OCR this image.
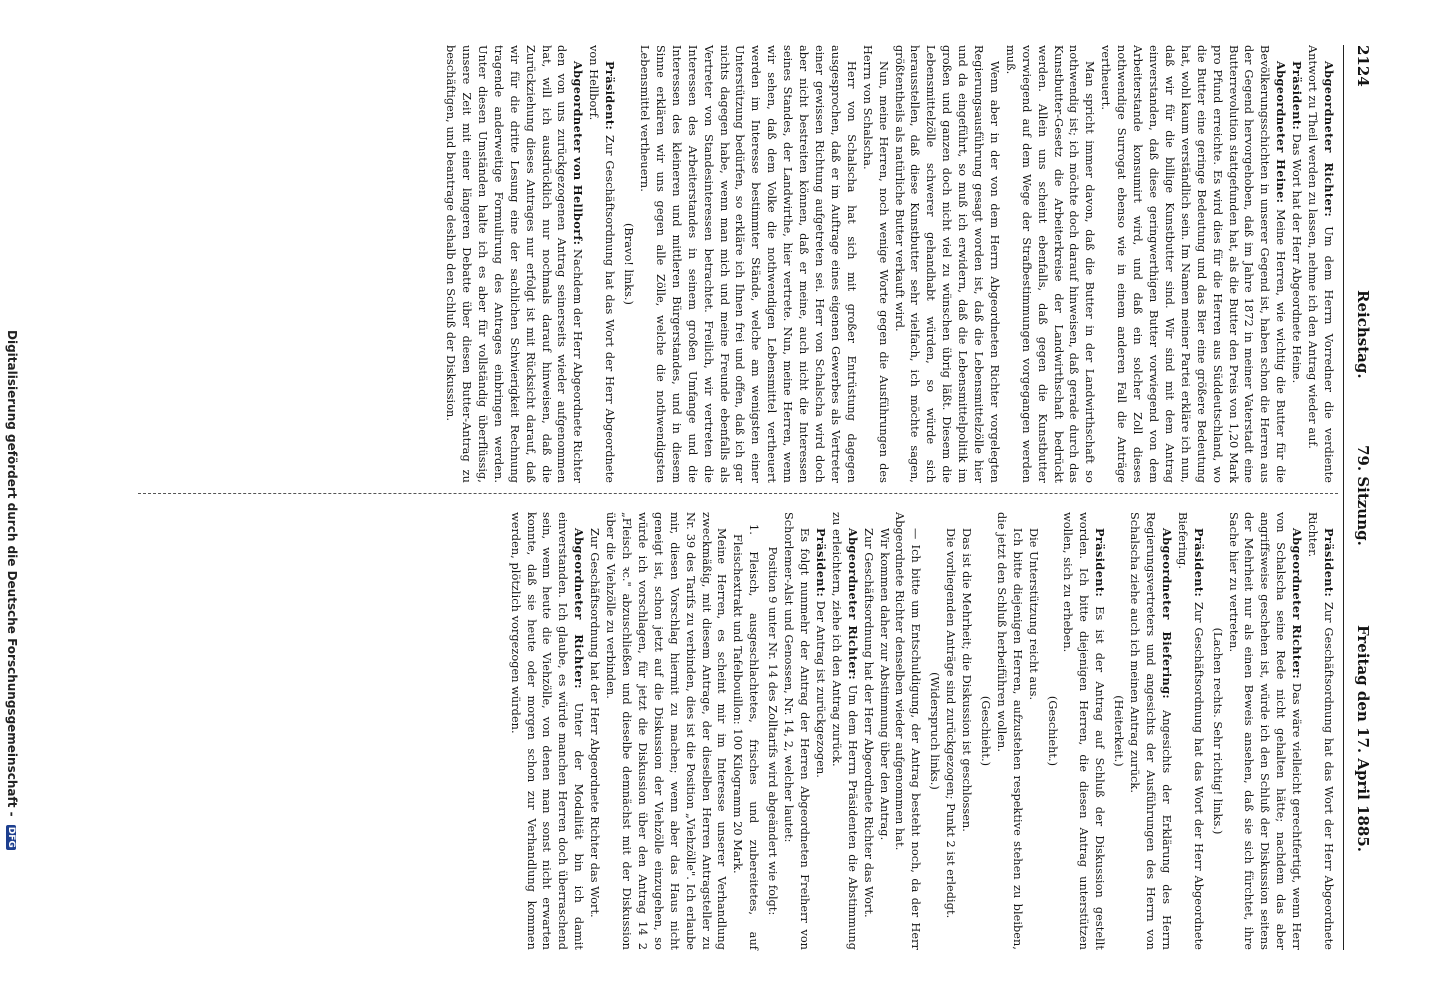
2124
Reichstag.
79. Sitzung.
Freitag den 17. April 1885.

Abgeordneter Richter: Um dem Herrn Vorredner die verdiente Antwort zu Theil werden zu lassen, nehme ich den Antrag wieder auf.

Präsident: Das Wort hat der Herr Abgeordnete Heine.

Abgeordneter Heine: Meine Herren, wie wichtig die Butter für die Bevölkerungsschichten in unserer Gegend ist, haben schon die Herren aus der Gegend hervorgehoben, daß im Jahre 1872 in meiner Vaterstadt eine Butterrevolution stattgefunden hat, als die Butter den Preis von 1,20 Mark pro Pfund erreichte. Es wird dies für die Herren aus Süddeutschland, wo die Butter eine geringe Bedeutung und das Bier eine größere Bedeutung hat, wohl kaum verständlich sein. Im Namen meiner Partei erkläre ich nun, daß wir für die billige Kunstbutter sind. Wir sind mit dem Antrag einverstanden, daß diese geringwerthigen Butter vorwiegend von dem Arbeiterstande konsumirt wird, und daß ein solcher Zoll dieses nothwendige Surrogat ebenso wie in einem anderen Fall die Anträge vertheuert.

Man spricht immer davon, daß die Butter in der Landwirthschaft so nothwendig ist; ich möchte doch darauf hinweisen, daß gerade durch das Kunstbutter-Gesetz die Arbeiterkreise der Landwirthschaft bedrückt werden. Allein uns scheint ebenfalls, daß gegen die Kunstbutter vorwiegend auf dem Wege der Strafbestimmungen vorgegangen werden muß.

Wenn aber in der von dem Herrn Abgeordneten Richter vorgelegten Regierungsausführung gesagt worden ist, daß die Lebensmittelzölle hier und da eingeführt, so muß ich erwidern, daß die Lebensmittelpolitik im großen und ganzen doch nicht viel zu wünschen übrig läßt. Diesem die Lebensmittelzölle schwerer gehandhabt würden, so würde sich herausstellen, daß diese Kunstbutter sehr vielfach, ich möchte sagen, größtentheils als natürliche Butter verkauft wird.

Nun, meine Herren, noch wenige Worte gegen die Ausführungen des Herrn von Schalscha.

Herr von Schalscha hat sich mit großer Entrüstung dagegen ausgesprochen, daß er im Auftrage eines eigenen Gewerbes als Vertreter einer gewissen Richtung aufgetreten sei. Herr von Schalscha wird doch aber nicht bestreiten können, daß er meine, auch nicht die Interessen seines Standes, der Landwirthe, hier vertrete. Nun, meine Herren, wenn wir sehen, daß dem Volke die nothwendigen Lebensmittel vertheuert werden im Interesse bestimmter Stände, welche am wenigsten einer Unterstützung bedürfen, so erkläre ich Ihnen frei und offen, daß ich gar nichts dagegen habe, wenn man mich und meine Freunde ebenfalls als Vertreter von Standesinteressen betrachtet. Freilich, wir vertreten die Interessen des Arbeiterstandes in seinem großen Umfange und die Interessen des kleineren und mittleren Bürgerstandes, und in diesem Sinne erklären wir uns gegen alle Zölle, welche die nothwendigsten Lebensmittel vertheuern.

(Bravo! links.)

Präsident: Zur Geschäftsordnung hat das Wort der Herr Abgeordnete von Hellborf.

Abgeordneter von Hellborf: Nachdem der Herr Abgeordnete Richter den von uns zurückgezogenen Antrag seinerseits wieder aufgenommen hat, will ich ausdrücklich nur nochmals darauf hinweisen, daß die Zurückziehung dieses Antrages nur erfolgt ist mit Rücksicht darauf, daß wir für die dritte Lesung eine der sachlichen Schwierigkeit Rechnung tragende anderweitige Formulirung des Antrages einbringen werden. Unter diesen Umständen halte ich es aber für vollständig überflüssig, unsere Zeit mit einer längeren Debatte über diesen Butter-Antrag zu beschäftigen, und beantrage deshalb den Schluß der Diskussion.

Präsident: Zur Geschäftsordnung hat das Wort der Herr Abgeordnete Richter.

Abgeordneter Richter: Das wäre vielleicht gerechtfertigt, wenn Herr von Schalscha seine Rede nicht gehalten hätte; nachdem das aber angriffsweise geschehen ist, würde ich den Schluß der Diskussion seitens der Mehrheit nur als einen Beweis ansehen, daß sie sich fürchtet, ihre Sache hier zu vertreten.

(Lachen rechts. Sehr richtig! links.)

Präsident: Zur Geschäftsordnung hat das Wort der Herr Abgeordnete Biefering.

Abgeordneter Biefering: Angesichts der Erklärung des Herrn Regierungsvertreters und angesichts der Ausführungen des Herrn von Schalscha ziehe auch ich meinen Antrag zurück.

(Heiterkeit.)

Präsident: Es ist der Antrag auf Schluß der Diskussion gestellt worden. Ich bitte diejenigen Herren, die diesen Antrag unterstützen wollen, sich zu erheben.

(Geschieht.)

Die Unterstützung reicht aus.

Ich bitte diejenigen Herren, aufzustehen respektive stehen zu bleiben, die jetzt den Schluß herbeiführen wollen.

(Geschieht.)

Das ist die Mehrheit; die Diskussion ist geschlossen.

Die vorliegenden Anträge sind zurückgezogen; Punkt 2 ist erledigt.

(Widerspruch links.)

— Ich bitte um Entschuldigung, der Antrag besteht noch, da der Herr Abgeordnete Richter denselben wieder aufgenommen hat.

Wir kommen daher zur Abstimmung über den Antrag.

Zur Geschäftsordnung hat der Herr Abgeordnete Richter das Wort.

Abgeordneter Richter: Um dem Herrn Präsidenten die Abstimmung zu erleichtern, ziehe ich den Antrag zurück.

Präsident: Der Antrag ist zurückgezogen.

Es folgt nunmehr der Antrag der Herren Abgeordneten Freiherr von Schorlemer-Alst und Genossen, Nr. 14, 2, welcher lautet:

Position 9 unter Nr. 14 des Zolltarifs wird abgeändert wie folgt:

1. Fleisch, ausgeschlachtetes, frisches und zubereitetes, auf Fleischextrakt und Tafelbouillon: 100 Kilogramm 20 Mark.

Meine Herren, es scheint mir im Interesse unserer Verhandlung zweckmäßig, mit diesem Antrage, der dieselben Herren Antragsteller zu Nr. 39 des Tarifs zu verbinden, dies ist die Position „Viehzölle". Ich erlaube mir, diesen Vorschlag hiermit zu machen; wenn aber das Haus nicht geneigt ist, schon jetzt auf die Diskussion der Viehzölle einzugehen, so würde ich vorschlagen, für jetzt die Diskussion über den Antrag 14 2 „Fleisch ꝛc." abzuschließen und dieselbe demnächst mit der Diskussion über die Viehzölle zu verbinden.

Zur Geschäftsordnung hat der Herr Abgeordnete Richter das Wort.

Abgeordneter Richter: Unter der Modalität bin ich damit einverstanden. Ich glaube, es würde manchen Herren doch überraschend sein, wenn heute die Viehzölle, von denen man sonst nicht erwarten konnte, daß sie heute oder morgen schon zur Verhandlung kommen werden, plötzlich vorgezogen würden.

Digitalisierung gefördert durch die Deutsche Forschungsgemeinschaft - DFG
